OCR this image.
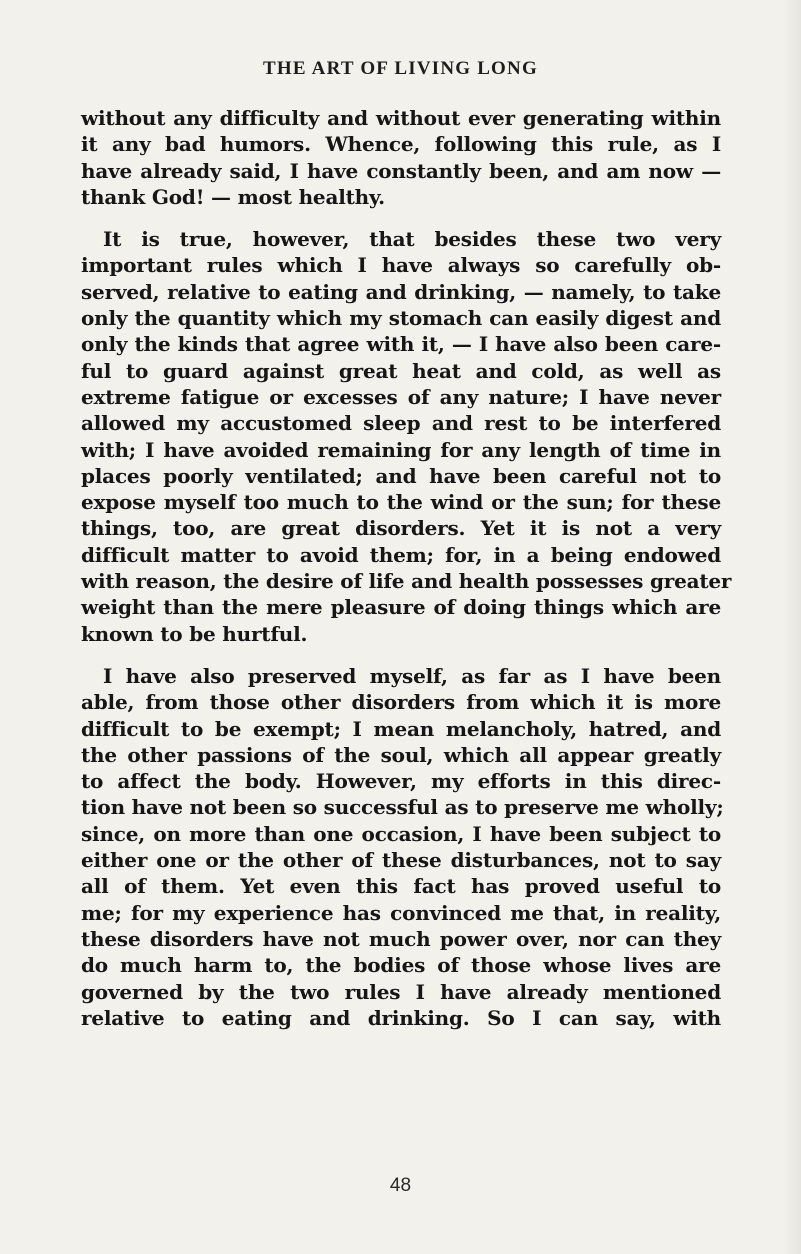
THE ART OF LIVING LONG
without any difficulty and without ever generating within
it any bad humors. Whence, following this rule, as I
have already said, I have constantly been, and am now —
thank God! — most healthy.
It is true, however, that besides these two very
important rules which I have always so carefully ob-
served, relative to eating and drinking, — namely, to take
only the quantity which my stomach can easily digest and
only the kinds that agree with it, — I have also been care-
ful to guard against great heat and cold, as well as
extreme fatigue or excesses of any nature; I have never
allowed my accustomed sleep and rest to be interfered
with; I have avoided remaining for any length of time in
places poorly ventilated; and have been careful not to
expose myself too much to the wind or the sun; for these
things, too, are great disorders. Yet it is not a very
difficult matter to avoid them; for, in a being endowed
with reason, the desire of life and health possesses greater
weight than the mere pleasure of doing things which are
known to be hurtful.
I have also preserved myself, as far as I have been
able, from those other disorders from which it is more
difficult to be exempt; I mean melancholy, hatred, and
the other passions of the soul, which all appear greatly
to affect the body. However, my efforts in this direc-
tion have not been so successful as to preserve me wholly;
since, on more than one occasion, I have been subject to
either one or the other of these disturbances, not to say
all of them. Yet even this fact has proved useful to
me; for my experience has convinced me that, in reality,
these disorders have not much power over, nor can they
do much harm to, the bodies of those whose lives are
governed by the two rules I have already mentioned
relative to eating and drinking. So I can say, with
48
